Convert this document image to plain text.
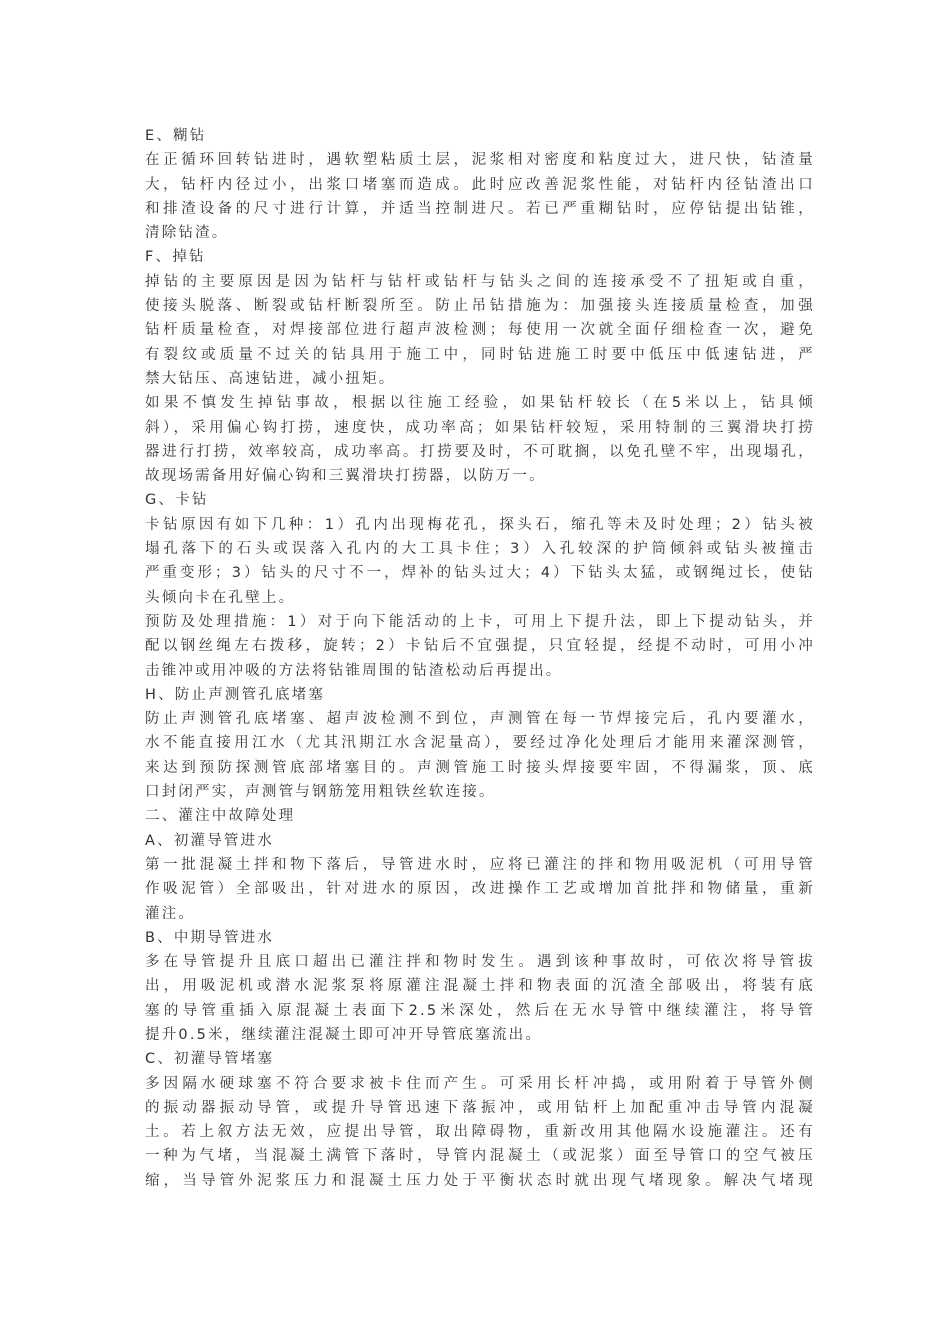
E、糊钻
在正循环回转钻进时，遇软塑粘质土层，泥浆相对密度和粘度过大，进尺快，钻渣量
大，钻杆内径过小，出浆口堵塞而造成。此时应改善泥浆性能，对钻杆内径钻渣出口
和排渣设备的尺寸进行计算，并适当控制进尺。若已严重糊钻时，应停钻提出钻锥，
清除钻渣。
F、掉钻
掉钻的主要原因是因为钻杆与钻杆或钻杆与钻头之间的连接承受不了扭矩或自重，
使接头脱落、断裂或钻杆断裂所至。防止吊钻措施为：加强接头连接质量检查，加强
钻杆质量检查，对焊接部位进行超声波检测；每使用一次就全面仔细检查一次，避免
有裂纹或质量不过关的钻具用于施工中，同时钻进施工时要中低压中低速钻进，严
禁大钻压、高速钻进，减小扭矩。
如果不慎发生掉钻事故，根据以往施工经验，如果钻杆较长（在5米以上，钻具倾
斜），采用偏心钩打捞，速度快，成功率高；如果钻杆较短，采用特制的三翼滑块打捞
器进行打捞，效率较高，成功率高。打捞要及时，不可耽搁，以免孔壁不牢，出现塌孔，
故现场需备用好偏心钩和三翼滑块打捞器，以防万一。
G、卡钻
卡钻原因有如下几种：1）孔内出现梅花孔，探头石，缩孔等未及时处理；2）钻头被
塌孔落下的石头或误落入孔内的大工具卡住；3）入孔较深的护筒倾斜或钻头被撞击
严重变形；3）钻头的尺寸不一，焊补的钻头过大；4）下钻头太猛，或钢绳过长，使钻
头倾向卡在孔壁上。
预防及处理措施：1）对于向下能活动的上卡，可用上下提升法，即上下提动钻头，并
配以钢丝绳左右拨移，旋转；2）卡钻后不宜强提，只宜轻提，经提不动时，可用小冲
击锥冲或用冲吸的方法将钻锥周围的钻渣松动后再提出。
H、防止声测管孔底堵塞
防止声测管孔底堵塞、超声波检测不到位，声测管在每一节焊接完后，孔内要灌水，
水不能直接用江水（尤其汛期江水含泥量高），要经过净化处理后才能用来灌深测管，
来达到预防探测管底部堵塞目的。声测管施工时接头焊接要牢固，不得漏浆，顶、底
口封闭严实，声测管与钢筋笼用粗铁丝软连接。
二、灌注中故障处理
A、初灌导管进水
第一批混凝土拌和物下落后，导管进水时，应将已灌注的拌和物用吸泥机（可用导管
作吸泥管）全部吸出，针对进水的原因，改进操作工艺或增加首批拌和物储量，重新
灌注。
B、中期导管进水
多在导管提升且底口超出已灌注拌和物时发生。遇到该种事故时，可依次将导管拔
出，用吸泥机或潜水泥浆泵将原灌注混凝土拌和物表面的沉渣全部吸出，将装有底
塞的导管重插入原混凝土表面下2.5米深处，然后在无水导管中继续灌注，将导管
提升0.5米，继续灌注混凝土即可冲开导管底塞流出。
C、初灌导管堵塞
多因隔水硬球塞不符合要求被卡住而产生。可采用长杆冲捣，或用附着于导管外侧
的振动器振动导管，或提升导管迅速下落振冲，或用钻杆上加配重冲击导管内混凝
土。若上叙方法无效，应提出导管，取出障碍物，重新改用其他隔水设施灌注。还有
一种为气堵，当混凝土满管下落时，导管内混凝土（或泥浆）面至导管口的空气被压
缩，当导管外泥浆压力和混凝土压力处于平衡状态时就出现气堵现象。解决气堵现
